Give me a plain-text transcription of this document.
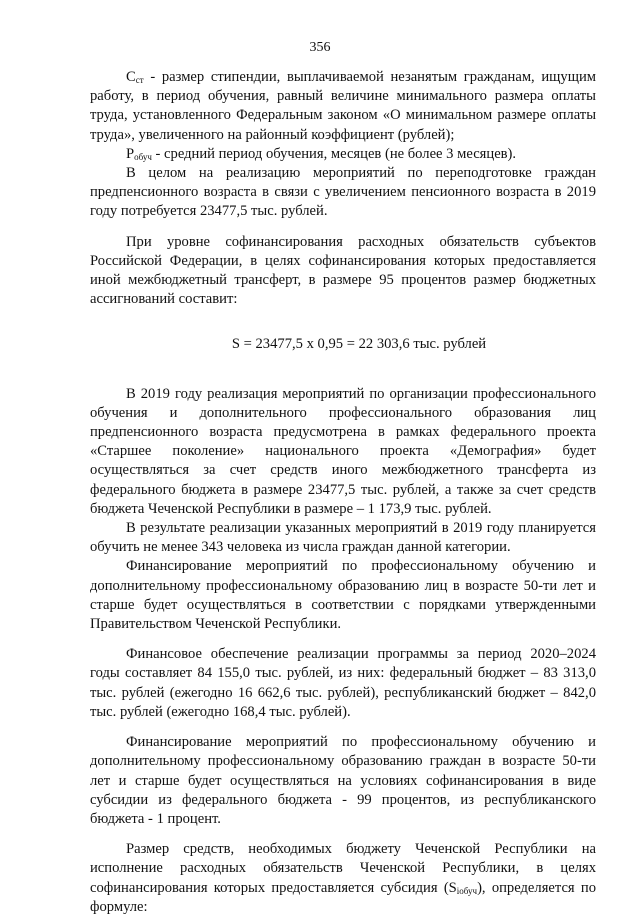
356

$С_{ст}$ - размер стипендии, выплачиваемой незанятым гражданам, ищущим работу, в период обучения, равный величине минимального размера оплаты труда, установленного Федеральным законом «О минимальном размере оплаты труда», увеличенного на районный коэффициент (рублей);

$Р_{обуч}$ - средний период обучения, месяцев (не более 3 месяцев).

В целом на реализацию мероприятий по переподготовке граждан предпенсионного возраста в связи с увеличением пенсионного возраста в 2019 году потребуется 23477,5 тыс. рублей.

При уровне софинансирования расходных обязательств субъектов Российской Федерации, в целях софинансирования которых предоставляется иной межбюджетный трансферт, в размере 95 процентов размер бюджетных ассигнований составит:

S = 23477,5 x 0,95 = 22 303,6 тыс. рублей

В 2019 году реализация мероприятий по организации профессионального обучения и дополнительного профессионального образования лиц предпенсионного возраста предусмотрена в рамках федерального проекта «Старшее поколение» национального проекта «Демография» будет осуществляться за счет средств иного межбюджетного трансферта из федерального бюджета в размере 23477,5 тыс. рублей, а также за счет средств бюджета Чеченской Республики в размере – 1 173,9 тыс. рублей.

В результате реализации указанных мероприятий в 2019 году планируется обучить не менее 343 человека из числа граждан данной категории.

Финансирование мероприятий по профессиональному обучению и дополнительному профессиональному образованию лиц в возрасте 50-ти лет и старше будет осуществляться в соответствии с порядками утвержденными Правительством Чеченской Республики.

Финансовое обеспечение реализации программы за период 2020–2024 годы составляет 84 155,0 тыс. рублей, из них: федеральный бюджет – 83 313,0 тыс. рублей (ежегодно 16 662,6 тыс. рублей), республиканский бюджет – 842,0 тыс. рублей (ежегодно 168,4 тыс. рублей).

Финансирование мероприятий по профессиональному обучению и дополнительному профессиональному образованию граждан в возрасте 50-ти лет и старше будет осуществляться на условиях софинансирования в виде субсидии из федерального бюджета - 99 процентов, из республиканского бюджета - 1 процент.

Размер средств, необходимых бюджету Чеченской Республики на исполнение расходных обязательств Чеченской Республики, в целях софинансирования которых предоставляется субсидия $(S_{iобуч})$, определяется по формуле:
